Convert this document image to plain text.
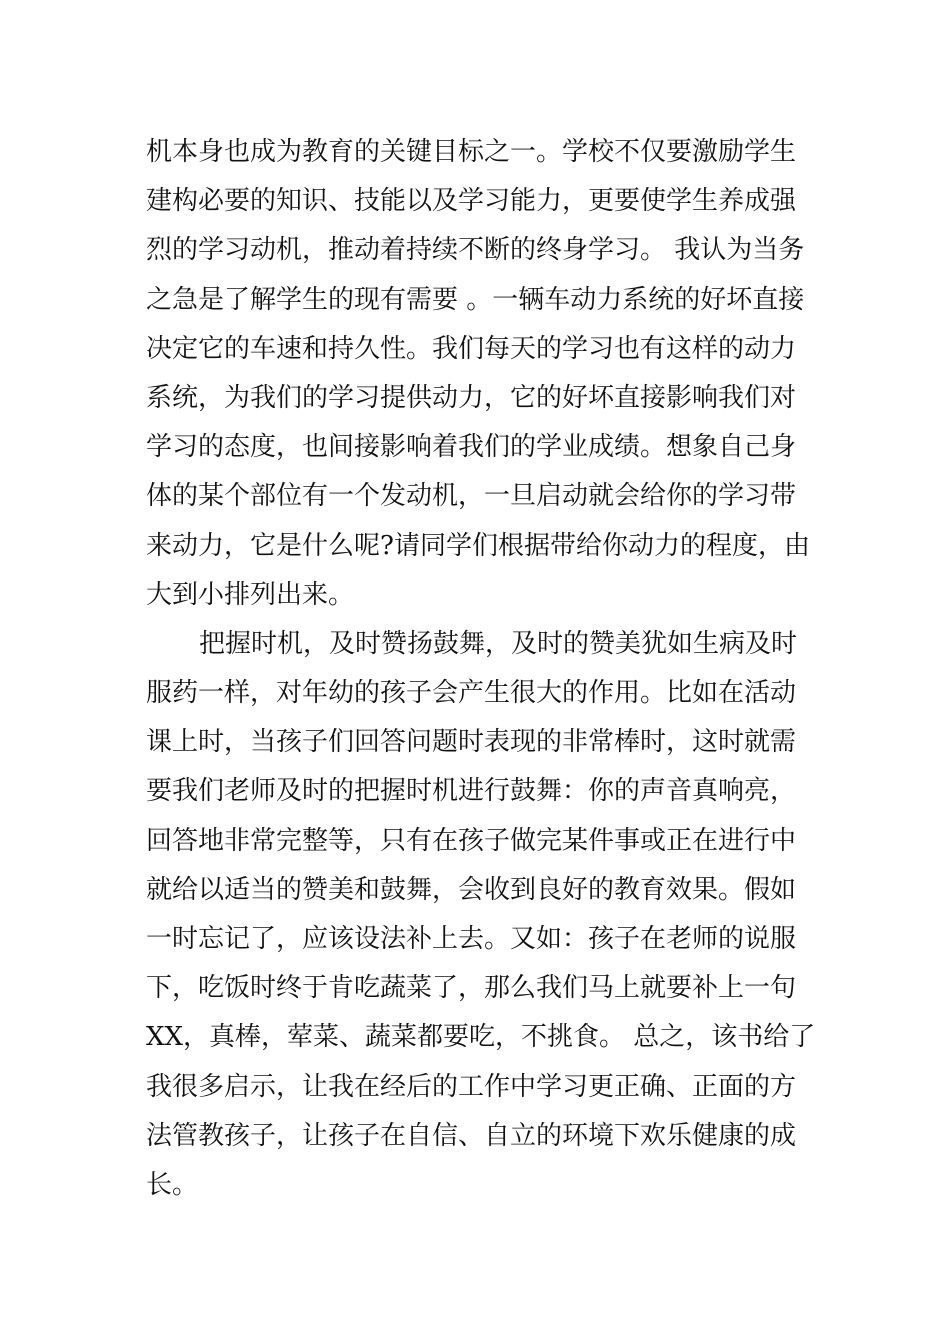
机本身也成为教育的关键目标之一。学校不仅要激励学生
建构必要的知识、技能以及学习能力，更要使学生养成强
烈的学习动机，推动着持续不断的终身学习。 我认为当务
之急是了解学生的现有需要 。一辆车动力系统的好坏直接
决定它的车速和持久性。我们每天的学习也有这样的动力
系统，为我们的学习提供动力，它的好坏直接影响我们对
学习的态度，也间接影响着我们的学业成绩。想象自己身
体的某个部位有一个发动机，一旦启动就会给你的学习带
来动力，它是什么呢?请同学们根据带给你动力的程度，由
大到小排列出来。
把握时机，及时赞扬鼓舞，及时的赞美犹如生病及时
服药一样，对年幼的孩子会产生很大的作用。比如在活动
课上时，当孩子们回答问题时表现的非常棒时，这时就需
要我们老师及时的把握时机进行鼓舞：你的声音真响亮，
回答地非常完整等，只有在孩子做完某件事或正在进行中
就给以适当的赞美和鼓舞，会收到良好的教育效果。假如
一时忘记了，应该设法补上去。又如：孩子在老师的说服
下，吃饭时终于肯吃蔬菜了，那么我们马上就要补上一句
XX，真棒，荤菜、蔬菜都要吃，不挑食。 总之，该书给了
我很多启示，让我在经后的工作中学习更正确、正面的方
法管教孩子，让孩子在自信、自立的环境下欢乐健康的成
长。
